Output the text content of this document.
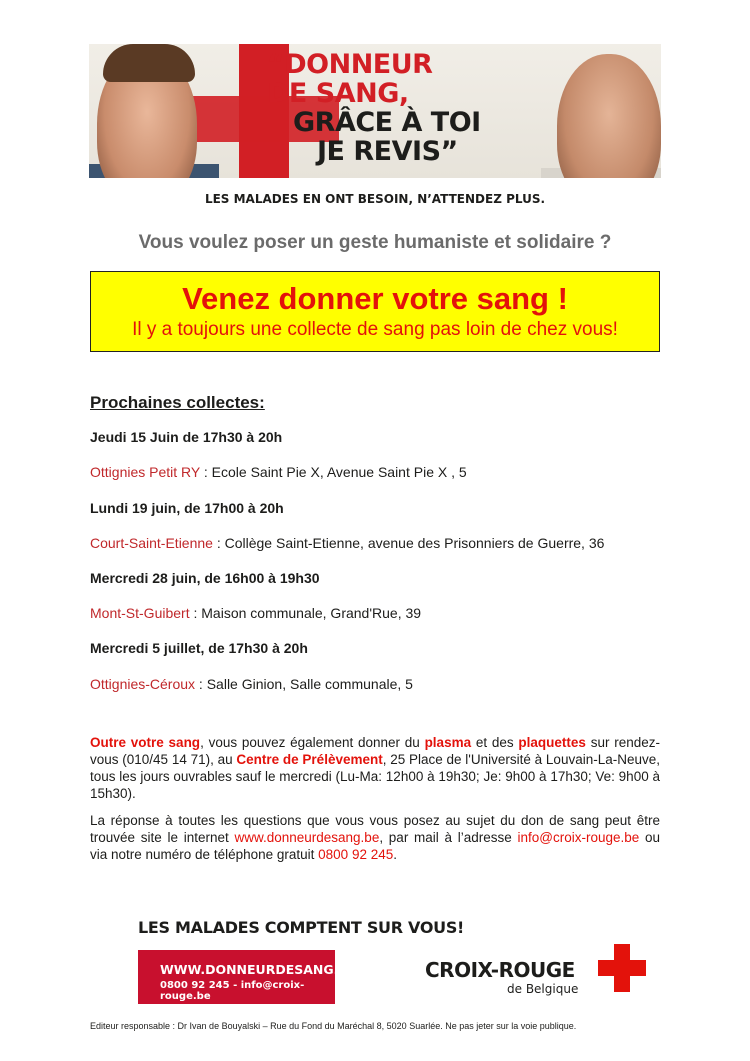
“DONNEUR
DE SANG,
GRÂCE À TOI
JE REVIS”
LES MALADES EN ONT BESOIN, N’ATTENDEZ PLUS.
Vous voulez poser un geste humaniste et solidaire ?
Venez donner votre sang !
Il y a toujours une collecte de sang pas loin de chez vous!
Prochaines collectes:
Jeudi 15 Juin de 17h30 à 20h
Ottignies Petit RY : Ecole Saint Pie X, Avenue Saint Pie X , 5
Lundi 19 juin, de 17h00 à 20h
Court-Saint-Etienne : Collège Saint-Etienne, avenue des Prisonniers de Guerre, 36
Mercredi 28 juin, de 16h00 à 19h30
Mont-St-Guibert : Maison communale, Grand'Rue, 39
Mercredi 5 juillet, de 17h30 à 20h
Ottignies-Céroux : Salle Ginion, Salle communale, 5
Outre votre sang, vous pouvez également donner du plasma et des plaquettes sur rendez-vous (010/45 14 71), au Centre de Prélèvement, 25 Place de l'Université à Louvain-La-Neuve, tous les jours ouvrables sauf le mercredi (Lu-Ma: 12h00 à 19h30; Je: 9h00 à 17h30; Ve: 9h00 à 15h30).
La réponse à toutes les questions que vous vous posez au sujet du don de sang peut être trouvée site le internet www.donneurdesang.be, par mail à l’adresse info@croix-rouge.be ou via notre numéro de téléphone gratuit 0800 92 245.
LES MALADES COMPTENT SUR VOUS!
WWW.DONNEURDESANG.BE
0800 92 245 - info@croix-rouge.be
CROIX-ROUGE
de Belgique
Editeur responsable : Dr Ivan de Bouyalski – Rue du Fond du Maréchal 8, 5020 Suarlée. Ne pas jeter sur la voie publique.
